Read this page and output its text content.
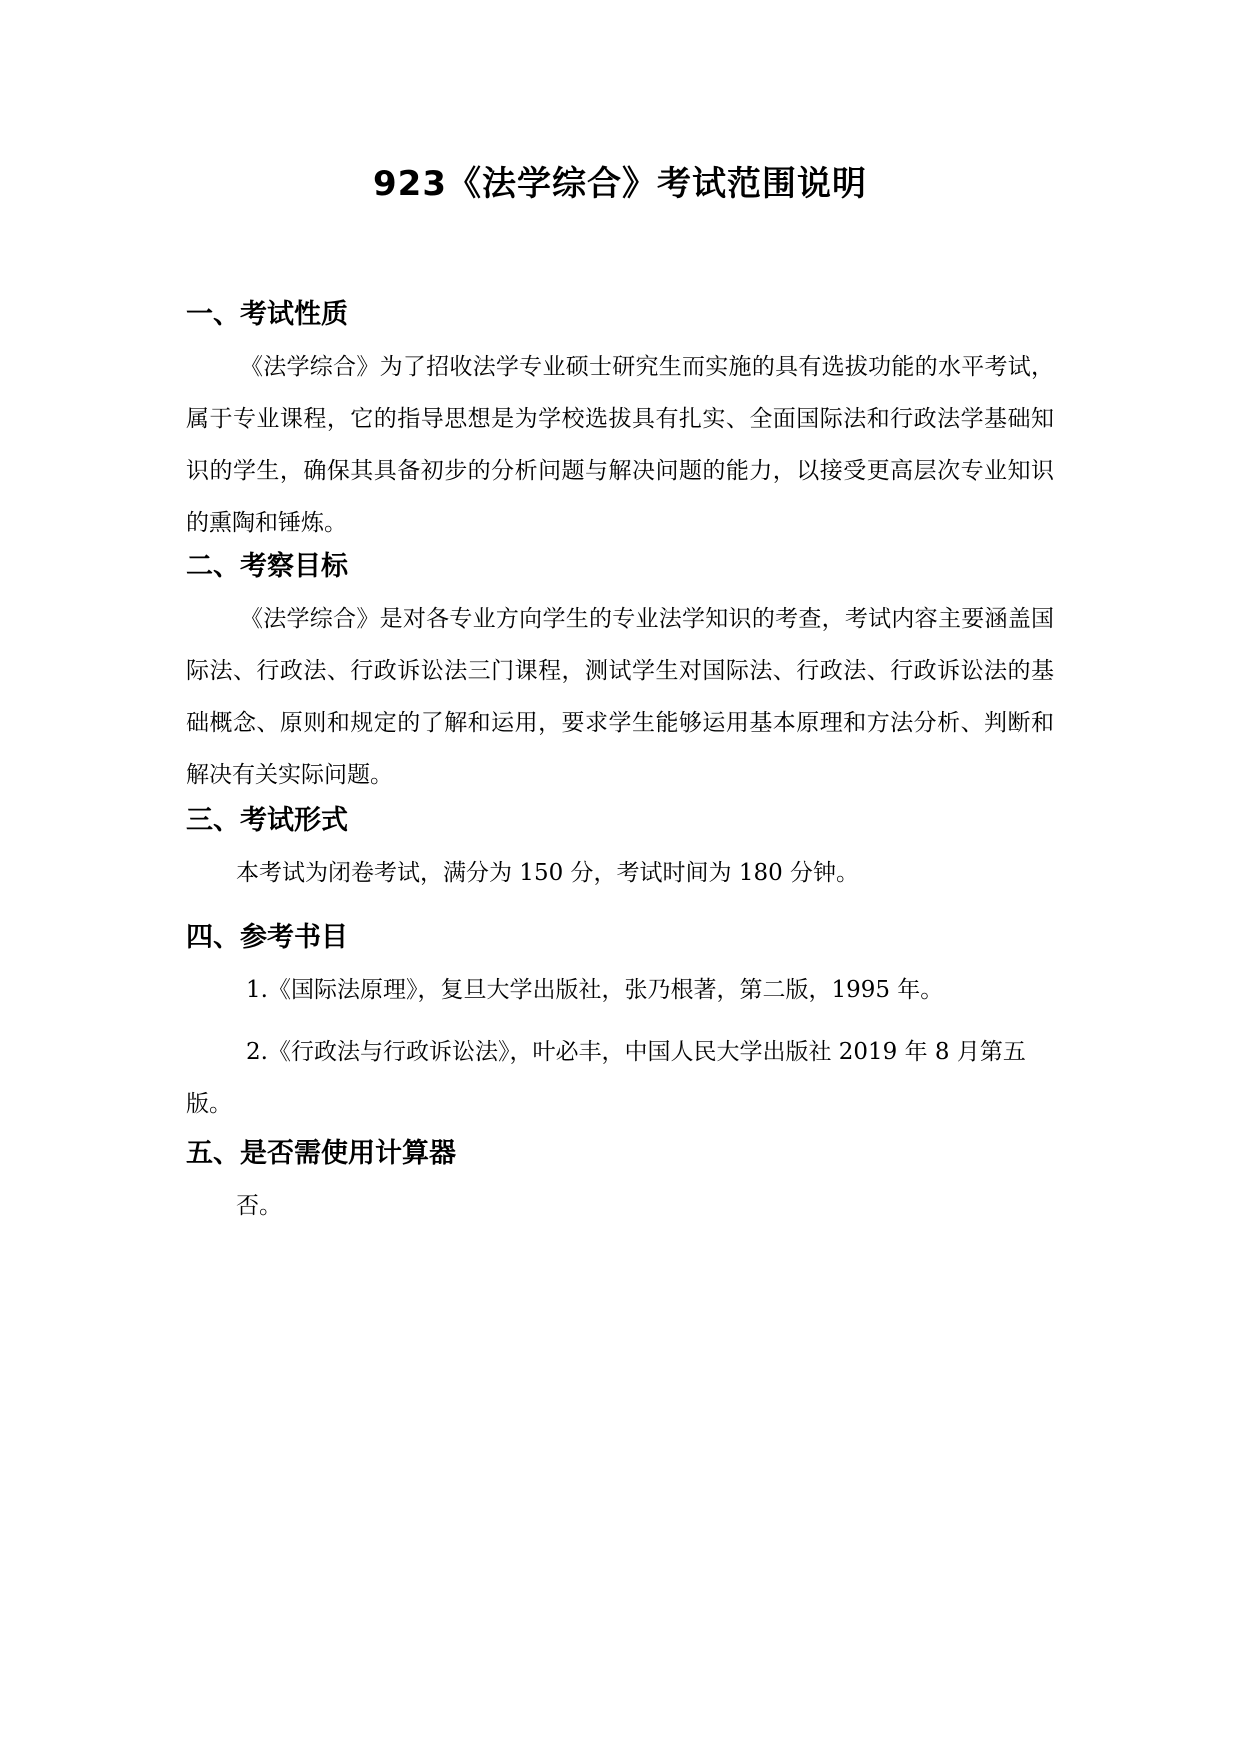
923《法学综合》考试范围说明
一、考试性质

《法学综合》为了招收法学专业硕士研究生而实施的具有选拔功能的水平考试，属于专业课程，它的指导思想是为学校选拔具有扎实、全面国际法和行政法学基础知识的学生，确保其具备初步的分析问题与解决问题的能力，以接受更高层次专业知识的熏陶和锤炼。

二、考察目标

《法学综合》是对各专业方向学生的专业法学知识的考查，考试内容主要涵盖国际法、行政法、行政诉讼法三门课程，测试学生对国际法、行政法、行政诉讼法的基础概念、原则和规定的了解和运用，要求学生能够运用基本原理和方法分析、判断和解决有关实际问题。

三、考试形式

本考试为闭卷考试，满分为 150 分，考试时间为 180 分钟。

四、参考书目

1.《国际法原理》，复旦大学出版社，张乃根著，第二版，1995 年。

2.《行政法与行政诉讼法》，叶必丰，中国人民大学出版社 2019 年 8 月第五版。

五、是否需使用计算器

否。
